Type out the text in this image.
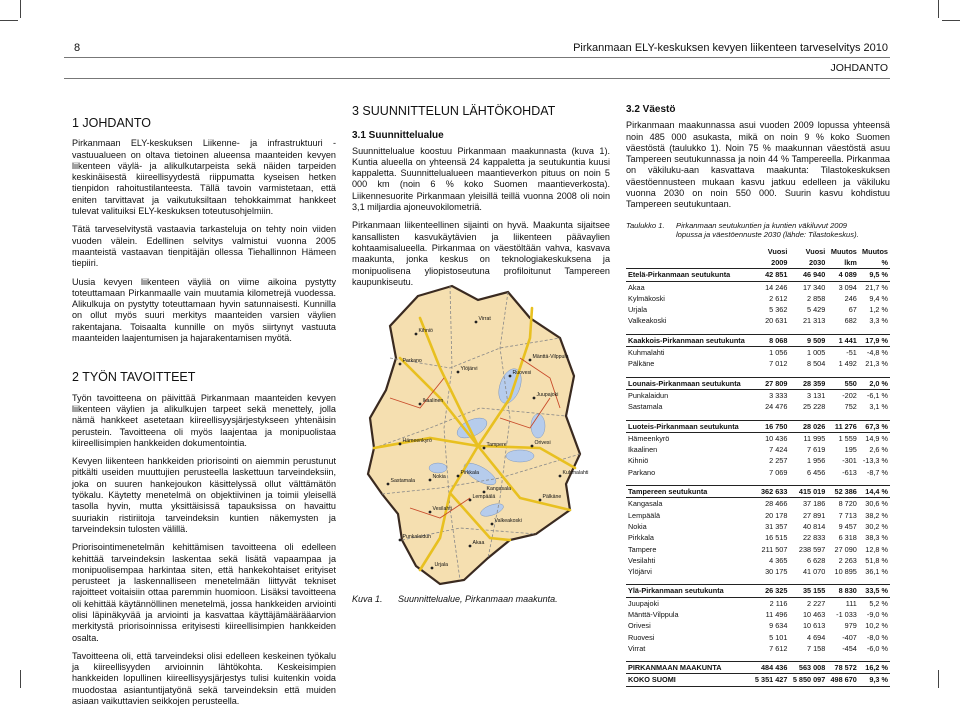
8	Pirkanmaan ELY-keskuksen kevyen liikenteen tarveselvitys 2010
JOHDANTO
1 JOHDANTO

Pirkanmaan ELY-keskuksen Liikenne- ja infrastruktuuri -vastuualueen on oltava tietoinen alueensa maanteiden kevyen liikenteen väylä- ja alikulkutarpeista sekä näiden tarpeiden keskinäisestä kiireellisyydestä riippumatta kyseisen hetken tienpidon rahoitustilanteesta. Tällä tavoin varmistetaan, että eniten tarvittavat ja vaikutuksiltaan tehokkaimmat hankkeet tulevat valituiksi ELY-keskuksen toteutusohjelmiin.

Tätä tarveselvitystä vastaavia tarkasteluja on tehty noin viiden vuoden välein. Edellinen selvitys valmistui vuonna 2005 maanteistä vastaavan tienpitäjän ollessa Tiehallinnon Hämeen tiepiiri.

Uusia kevyen liikenteen väyliä on viime aikoina pystytty toteuttamaan Pirkanmaalle vain muutamia kilometrejä vuodessa. Alikulkuja on pystytty toteuttamaan hyvin satunnaisesti. Kunnilla on ollut myös suuri merkitys maanteiden varsien väylien rakentajana. Toisaalta kunnille on myös siirtynyt vastuuta maanteiden laajentumisen ja hajarakentamisen myötä.

2 TYÖN TAVOITTEET

Työn tavoitteena on päivittää Pirkanmaan maanteiden kevyen liikenteen väylien ja alikulkujen tarpeet sekä menettely, jolla nämä hankkeet asetetaan kiireellisyysjärjestykseen yhtenäisin perustein. Tavoitteena oli myös laajentaa ja monipuolistaa kiireellisimpien hankkeiden dokumentointia.

Kevyen liikenteen hankkeiden priorisointi on aiemmin perustunut pitkälti useiden muuttujien perusteella laskettuun tarveindeksiin, joka on suuren hankejoukon käsittelyssä ollut välttämätön työkalu. Käytetty menetelmä on objektiivinen ja toimii yleisellä tasolla hyvin, mutta yksittäisissä tapauksissa on havaittu suuriakin ristiriitoja tarveindeksin kuntien näkemysten ja tarveindeksin tulosten välillä.

Priorisointimenetelmän kehittämisen tavoitteena oli edelleen kehittää tarveindeksin laskentaa sekä lisätä vapaampaa ja monipuolisempaa harkintaa siten, että hankekohtaiset erityiset perusteet ja laskennalliseen menetelmään liittyvät tekniset rajoitteet voitaisiin ottaa paremmin huomioon. Lisäksi tavoitteena oli kehittää käytännöllinen menetelmä, jossa hankkeiden arviointi olisi läpinäkyvää ja arviointi ja kasvattaa käyttäjämäärääarvion merkitystä priorisoinnissa erityisesti kiireellisimpien hankkeiden osalta.

Tavoitteena oli, että tarveindeksi olisi edelleen keskeinen työkalu ja kiireellisyyden arvioinnin lähtökohta. Keskeisimpien hankkeiden lopullinen kiireellisyysjärjestys tulisi kuitenkin voida muodostaa asiantuntijatyönä sekä tarveindeksin että muiden asiaan vaikuttavien seikkojen perusteella.

3 SUUNNITTELUN LÄHTÖKOHDAT
3.1 Suunnittelualue

Suunnittelualue koostuu Pirkanmaan maakunnasta (kuva 1). Kuntia alueella on yhteensä 24 kappaletta ja seutukuntia kuusi kappaletta. Suunnittelualueen maantieverkon pituus on noin 5 000 km (noin 6 % koko Suomen maantieverkosta). Liikennesuorite Pirkanmaan yleisillä teillä vuonna 2008 oli noin 3,1 miljardia ajoneuvokilometriä.

Pirkanmaan liikenteellinen sijainti on hyvä. Maakunta sijaitsee kansallisten kasvukäytävien ja liikenteen päävaylien kohtaamisalueella. Pirkanmaa on väestöltään vahva, kasvava maakunta, jonka keskus on teknologiakeskuksena ja monipuolisena yliopistoseutuna profiloitunut Tampereen kaupunkiseutu.

Kihniö
Virrat
Parkano
Ylöjärvi
Ruovesi
Mänttä-Vilppula
Ikaalinen
Juupajoki
Hämeenkyrö
Tampere	Orivesi
Sastamala
Nokia
Pirkkala
Kangasala
Kuhmalahti
Lempäälä	Pälkäne
Vesilahti
Valkeakoski
Punkalaidun
Akaa
Urjala
Kuva 1. Suunnittelualue, Pirkanmaan maakunta.
3.2 Väestö

Pirkanmaan maakunnassa asui vuoden 2009 lopussa yhteensä noin 485 000 asukasta, mikä on noin 9 % koko Suomen väestöstä (taulukko 1). Noin 75 % maakunnan väestöstä asuu Tampereen seutukunnassa ja noin 44 % Tampereella. Pirkanmaa on väkiluku-aan kasvattava maakunta: Tilastokeskuksen väestöennusteen mukaan kasvu jatkuu edelleen ja väkiluku vuonna 2030 on noin 550 000. Suurin kasvu kohdistuu Tampereen seutukuntaan.

Taulukko 1.	Pirkanmaan seutukuntien ja kuntien väkiluvut 2009
lopussa ja väestöennuste 2030 (lähde: Tilastokeskus).
	Vuosi	Vuosi	Muutos	Muutos
	2009	2030	lkm	%
Etelä-Pirkanmaan seutukunta	42 851	46 940	4 089	9,5 %
Akaa	14 246	17 340	3 094	21,7 %
Kylmäkoski	2 612	2 858	246	9,4 %
Urjala	5 362	5 429	67	1,2 %
Valkeakoski	20 631	21 313	682	3,3 %

Kaakkois-Pirkanmaan seutukunta	8 068	9 509	1 441	17,9 %
Kuhmalahti	1 056	1 005	-51	-4,8 %
Pälkäne	7 012	8 504	1 492	21,3 %

Lounais-Pirkanmaan seutukunta	27 809	28 359	550	2,0 %
Punkalaidun	3 333	3 131	-202	-6,1 %
Sastamala	24 476	25 228	752	3,1 %

Luoteis-Pirkanmaan seutukunta	16 750	28 026	11 276	67,3 %
Hämeenkyrö	10 436	11 995	1 559	14,9 %
Ikaalinen	7 424	7 619	195	2,6 %
Kihniö	2 257	1 956	-301	-13,3 %
Parkano	7 069	6 456	-613	-8,7 %

Tampereen seutukunta	362 633	415 019	52 386	14,4 %
Kangasala	28 466	37 186	8 720	30,6 %
Lempäälä	20 178	27 891	7 713	38,2 %
Nokia	31 357	40 814	9 457	30,2 %
Pirkkala	16 515	22 833	6 318	38,3 %
Tampere	211 507	238 597	27 090	12,8 %
Vesilahti	4 365	6 628	2 263	51,8 %
Ylöjärvi	30 175	41 070	10 895	36,1 %

Ylä-Pirkanmaan seutukunta	26 325	35 155	8 830	33,5 %
Juupajoki	2 116	2 227	111	5,2 %
Mänttä-Vilppula	11 496	10 463	-1 033	-9,0 %
Orivesi	9 634	10 613	979	10,2 %
Ruovesi	5 101	4 694	-407	-8,0 %
Virrat	7 612	7 158	-454	-6,0 %

PIRKANMAAN MAAKUNTA	484 436	563 008	78 572	16,2 %
KOKO SUOMI	5 351 427	5 850 097	498 670	9,3 %
